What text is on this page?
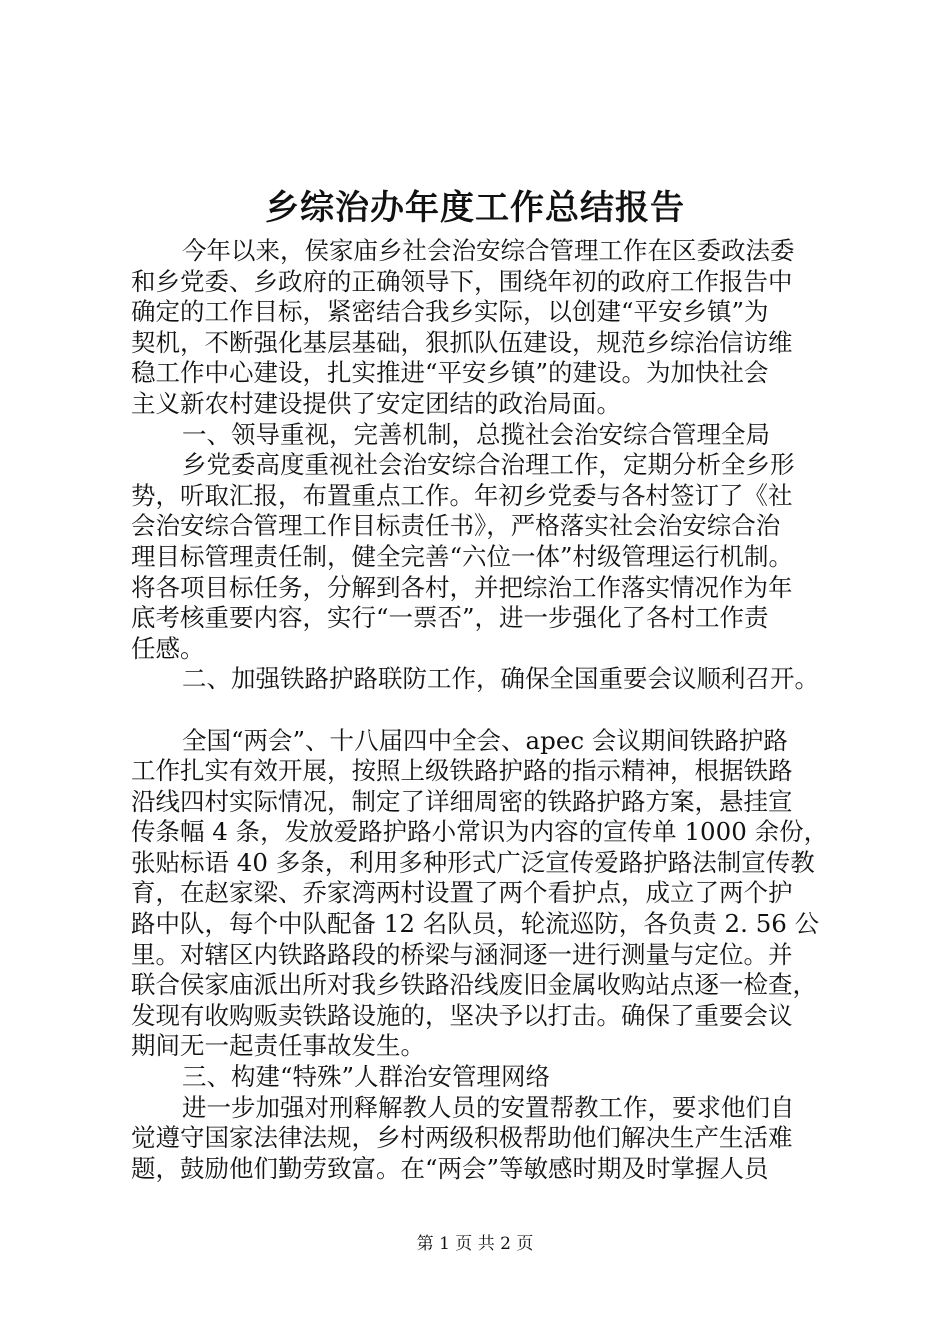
乡综治办年度工作总结报告
今年以来，侯家庙乡社会治安综合管理工作在区委政法委
和乡党委、乡政府的正确领导下，围绕年初的政府工作报告中
确定的工作目标，紧密结合我乡实际，以创建“平安乡镇”为
契机，不断强化基层基础，狠抓队伍建设，规范乡综治信访维
稳工作中心建设，扎实推进“平安乡镇”的建设。为加快社会
主义新农村建设提供了安定团结的政治局面。
一、领导重视，完善机制，总揽社会治安综合管理全局
乡党委高度重视社会治安综合治理工作，定期分析全乡形
势，听取汇报，布置重点工作。年初乡党委与各村签订了《社
会治安综合管理工作目标责任书》，严格落实社会治安综合治
理目标管理责任制，健全完善“六位一体”村级管理运行机制。
将各项目标任务，分解到各村，并把综治工作落实情况作为年
底考核重要内容，实行“一票否”，进一步强化了各村工作责
任感。
二、加强铁路护路联防工作，确保全国重要会议顺利召开。
全国“两会”、十八届四中全会、apec 会议期间铁路护路
工作扎实有效开展，按照上级铁路护路的指示精神，根据铁路
沿线四村实际情况，制定了详细周密的铁路护路方案，悬挂宣
传条幅 4 条，发放爱路护路小常识为内容的宣传单 1000 余份，
张贴标语 40 多条，利用多种形式广泛宣传爱路护路法制宣传教
育，在赵家梁、乔家湾两村设置了两个看护点，成立了两个护
路中队，每个中队配备 12 名队员，轮流巡防，各负责 2. 56 公
里。对辖区内铁路路段的桥梁与涵洞逐一进行测量与定位。并
联合侯家庙派出所对我乡铁路沿线废旧金属收购站点逐一检查，
发现有收购贩卖铁路设施的，坚决予以打击。确保了重要会议
期间无一起责任事故发生。
三、构建“特殊”人群治安管理网络
进一步加强对刑释解教人员的安置帮教工作，要求他们自
觉遵守国家法律法规，乡村两级积极帮助他们解决生产生活难
题，鼓励他们勤劳致富。在“两会”等敏感时期及时掌握人员
第 1 页 共 2 页
